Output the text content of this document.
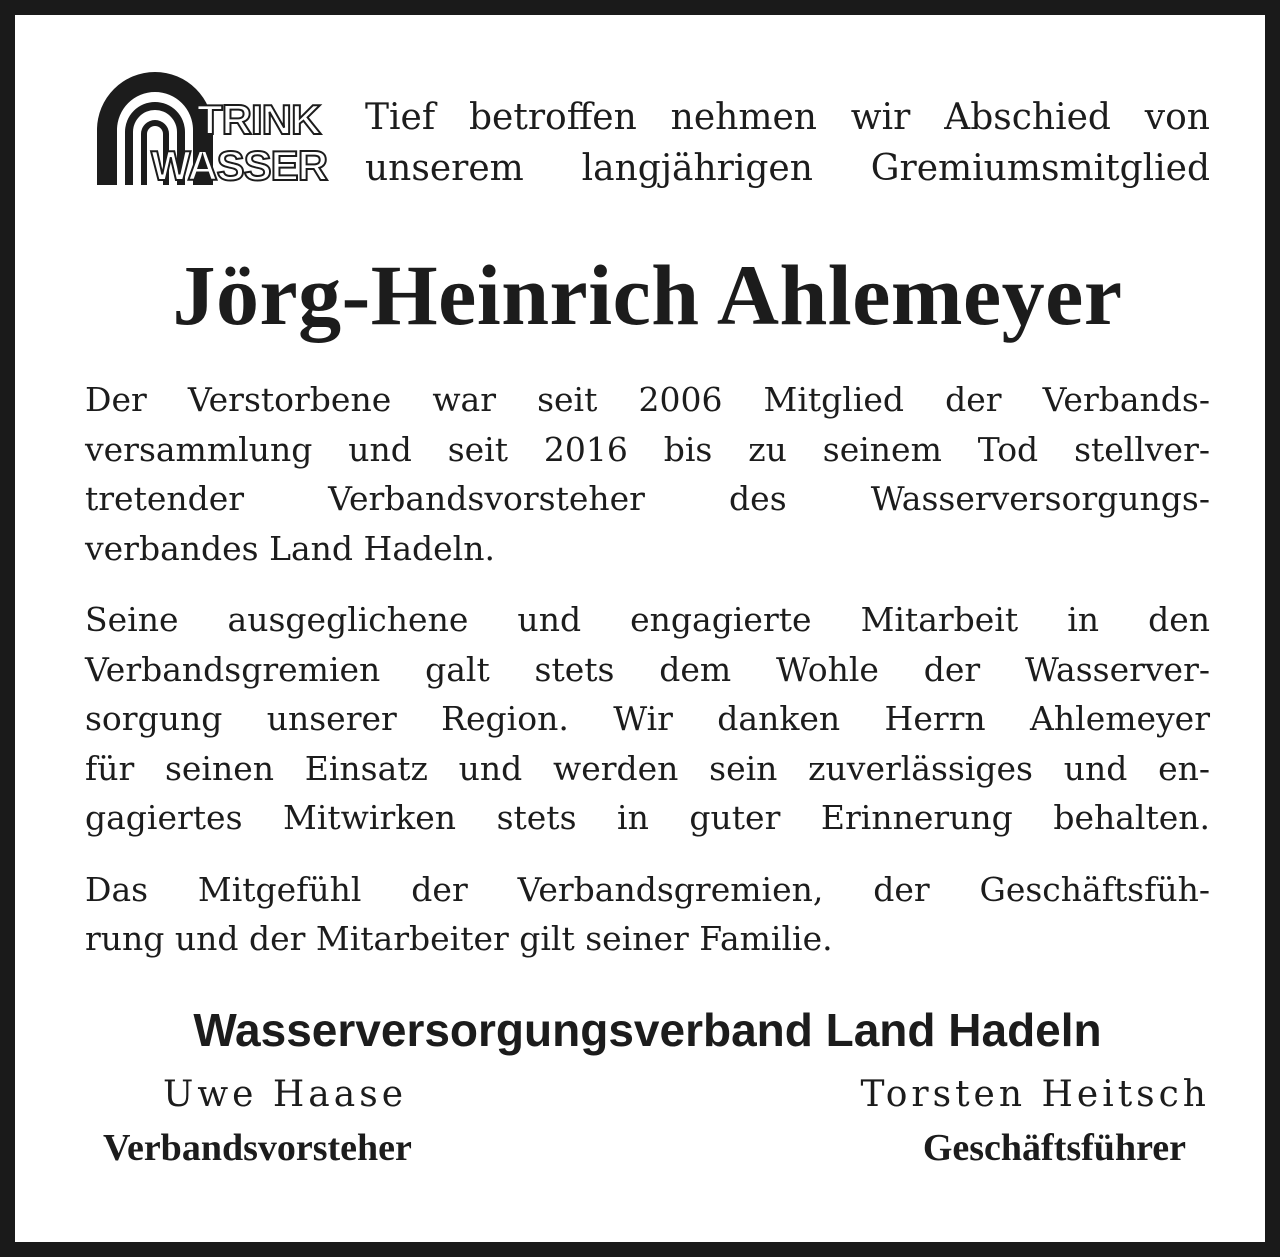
TRINK
WASSER
Tief betroffen nehmen wir Abschied von
unserem langjährigen Gremiumsmitglied
Jörg-Heinrich Ahlemeyer
Der Verstorbene war seit 2006 Mitglied der Verbands-
versammlung und seit 2016 bis zu seinem Tod stellver-
tretender Verbandsvorsteher des Wasserversorgungs-
verbandes Land Hadeln.
Seine ausgeglichene und engagierte Mitarbeit in den
Verbandsgremien galt stets dem Wohle der Wasserver-
sorgung unserer Region. Wir danken Herrn Ahlemeyer
für seinen Einsatz und werden sein zuverlässiges und en-
gagiertes Mitwirken stets in guter Erinnerung behalten.
Das Mitgefühl der Verbandsgremien, der Geschäftsfüh-
rung und der Mitarbeiter gilt seiner Familie.
Wasserversorgungsverband Land Hadeln
Uwe Haase	Torsten Heitsch
Verbandsvorsteher	Geschäftsführer
